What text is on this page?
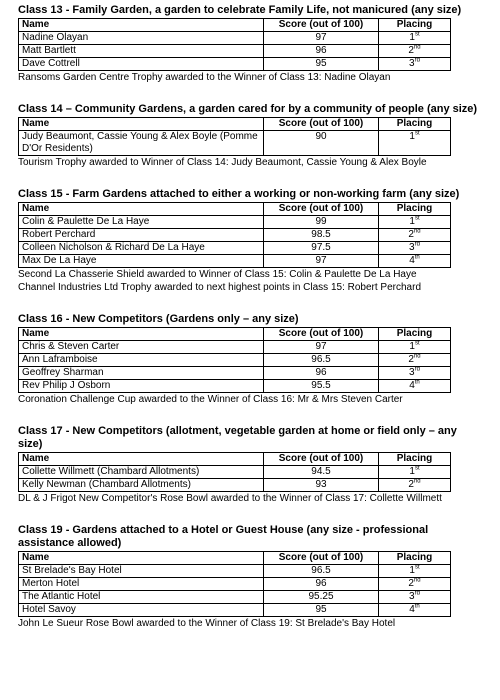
Class 13 - Family Garden, a garden to celebrate Family Life, not manicured (any size)
Name	Score (out of 100)	Placing
Nadine Olayan	97	1st
Matt Bartlett	96	2nd
Dave Cottrell	95	3rd
Ransoms Garden Centre Trophy awarded to the Winner of Class 13: Nadine Olayan
Class 14 – Community Gardens, a garden cared for by a community of people (any size)
Name	Score (out of 100)	Placing
Judy Beaumont, Cassie Young & Alex Boyle (Pomme D'Or Residents)	90	1st
Tourism Trophy awarded to Winner of Class 14: Judy Beaumont, Cassie Young & Alex Boyle
Class 15 - Farm Gardens attached to either a working or non-working farm (any size)
Name	Score (out of 100)	Placing
Colin & Paulette De La Haye	99	1st
Robert Perchard	98.5	2nd
Colleen Nicholson & Richard De La Haye	97.5	3rd
Max De La Haye	97	4th
Second La Chasserie Shield awarded to Winner of Class 15: Colin & Paulette De La Haye
Channel Industries Ltd Trophy awarded to next highest points in Class 15: Robert Perchard
Class 16 - New Competitors (Gardens only – any size)
Name	Score (out of 100)	Placing
Chris & Steven Carter	97	1st
Ann Laframboise	96.5	2nd
Geoffrey Sharman	96	3rd
Rev Philip J Osborn	95.5	4th
Coronation Challenge Cup awarded to the Winner of Class 16: Mr & Mrs Steven Carter
Class 17 - New Competitors (allotment, vegetable garden at home or field only – any size)
Name	Score (out of 100)	Placing
Collette Willmett (Chambard Allotments)	94.5	1st
Kelly Newman (Chambard Allotments)	93	2nd
DL & J Frigot New Competitor's Rose Bowl awarded to the Winner of Class 17: Collette Willmett
Class 19 - Gardens attached to a Hotel or Guest House (any size - professional assistance allowed)
Name	Score (out of 100)	Placing
St Brelade's Bay Hotel	96.5	1st
Merton Hotel	96	2nd
The Atlantic Hotel	95.25	3rd
Hotel Savoy	95	4th
John Le Sueur Rose Bowl awarded to the Winner of Class 19: St Brelade's Bay Hotel
